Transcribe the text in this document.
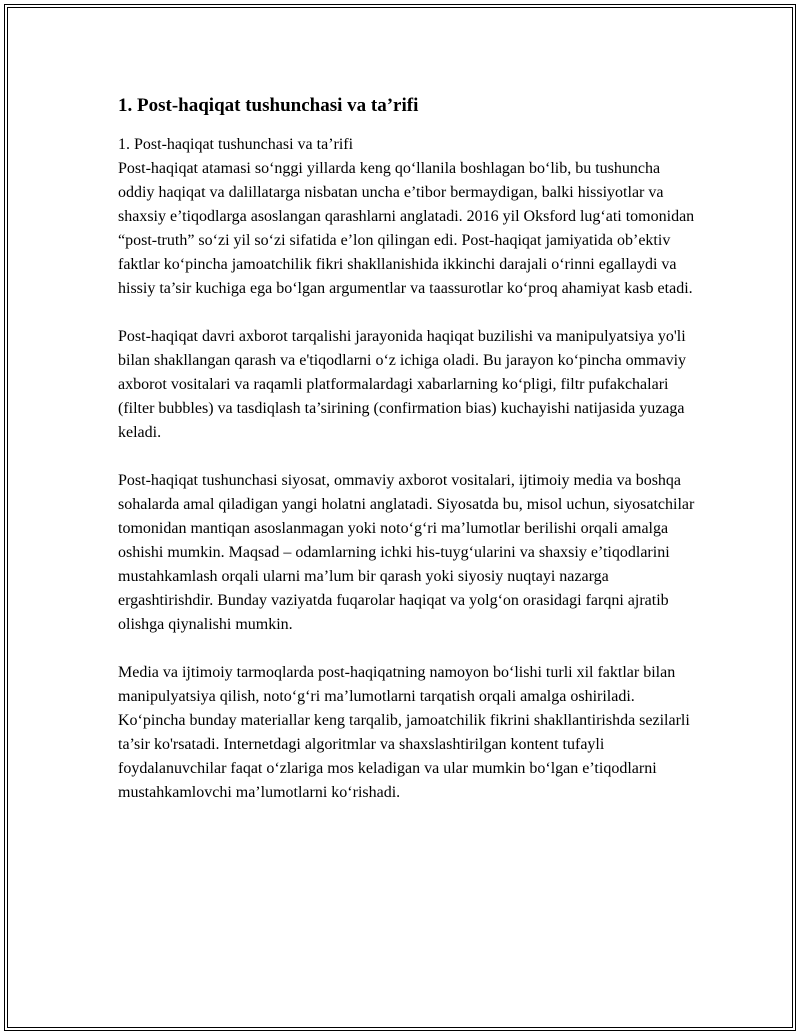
1. Post-haqiqat tushunchasi va ta’rifi

1. Post-haqiqat tushunchasi va ta’rifi

Post-haqiqat atamasi so‘nggi yillarda keng qo‘llanila boshlagan bo‘lib, bu tushuncha oddiy haqiqat va dalillatarga nisbatan uncha e’tibor bermaydigan, balki hissiyotlar va shaxsiy e’tiqodlarga asoslangan qarashlarni anglatadi. 2016 yil Oksford lug‘ati tomonidan “post-truth” so‘zi yil so‘zi sifatida e’lon qilingan edi. Post-haqiqat jamiyatida ob’ektiv faktlar ko‘pincha jamoatchilik fikri shakllanishida ikkinchi darajali o‘rinni egallaydi va hissiy ta’sir kuchiga ega bo‘lgan argumentlar va taassurotlar ko‘proq ahamiyat kasb etadi.

Post-haqiqat davri axborot tarqalishi jarayonida haqiqat buzilishi va manipulyatsiya yo'li bilan shakllangan qarash va e'tiqodlarni o‘z ichiga oladi. Bu jarayon ko‘pincha ommaviy axborot vositalari va raqamli platformalardagi xabarlarning ko‘pligi, filtr pufakchalari (filter bubbles) va tasdiqlash ta’sirining (confirmation bias) kuchayishi natijasida yuzaga keladi.

Post-haqiqat tushunchasi siyosat, ommaviy axborot vositalari, ijtimoiy media va boshqa sohalarda amal qiladigan yangi holatni anglatadi. Siyosatda bu, misol uchun, siyosatchilar tomonidan mantiqan asoslanmagan yoki noto‘g‘ri ma’lumotlar berilishi orqali amalga oshishi mumkin. Maqsad – odamlarning ichki his-tuyg‘ularini va shaxsiy e’tiqodlarini mustahkamlash orqali ularni ma’lum bir qarash yoki siyosiy nuqtayi nazarga ergashtirishdir. Bunday vaziyatda fuqarolar haqiqat va yolg‘on orasidagi farqni ajratib olishga qiynalishi mumkin.

Media va ijtimoiy tarmoqlarda post-haqiqatning namoyon bo‘lishi turli xil faktlar bilan manipulyatsiya qilish, noto‘g‘ri ma’lumotlarni tarqatish orqali amalga oshiriladi. Ko‘pincha bunday materiallar keng tarqalib, jamoatchilik fikrini shakllantirishda sezilarli ta’sir ko'rsatadi. Internetdagi algoritmlar va shaxslashtirilgan kontent tufayli foydalanuvchilar faqat o‘zlariga mos keladigan va ular mumkin bo‘lgan e’tiqodlarni mustahkamlovchi ma’lumotlarni ko‘rishadi.
